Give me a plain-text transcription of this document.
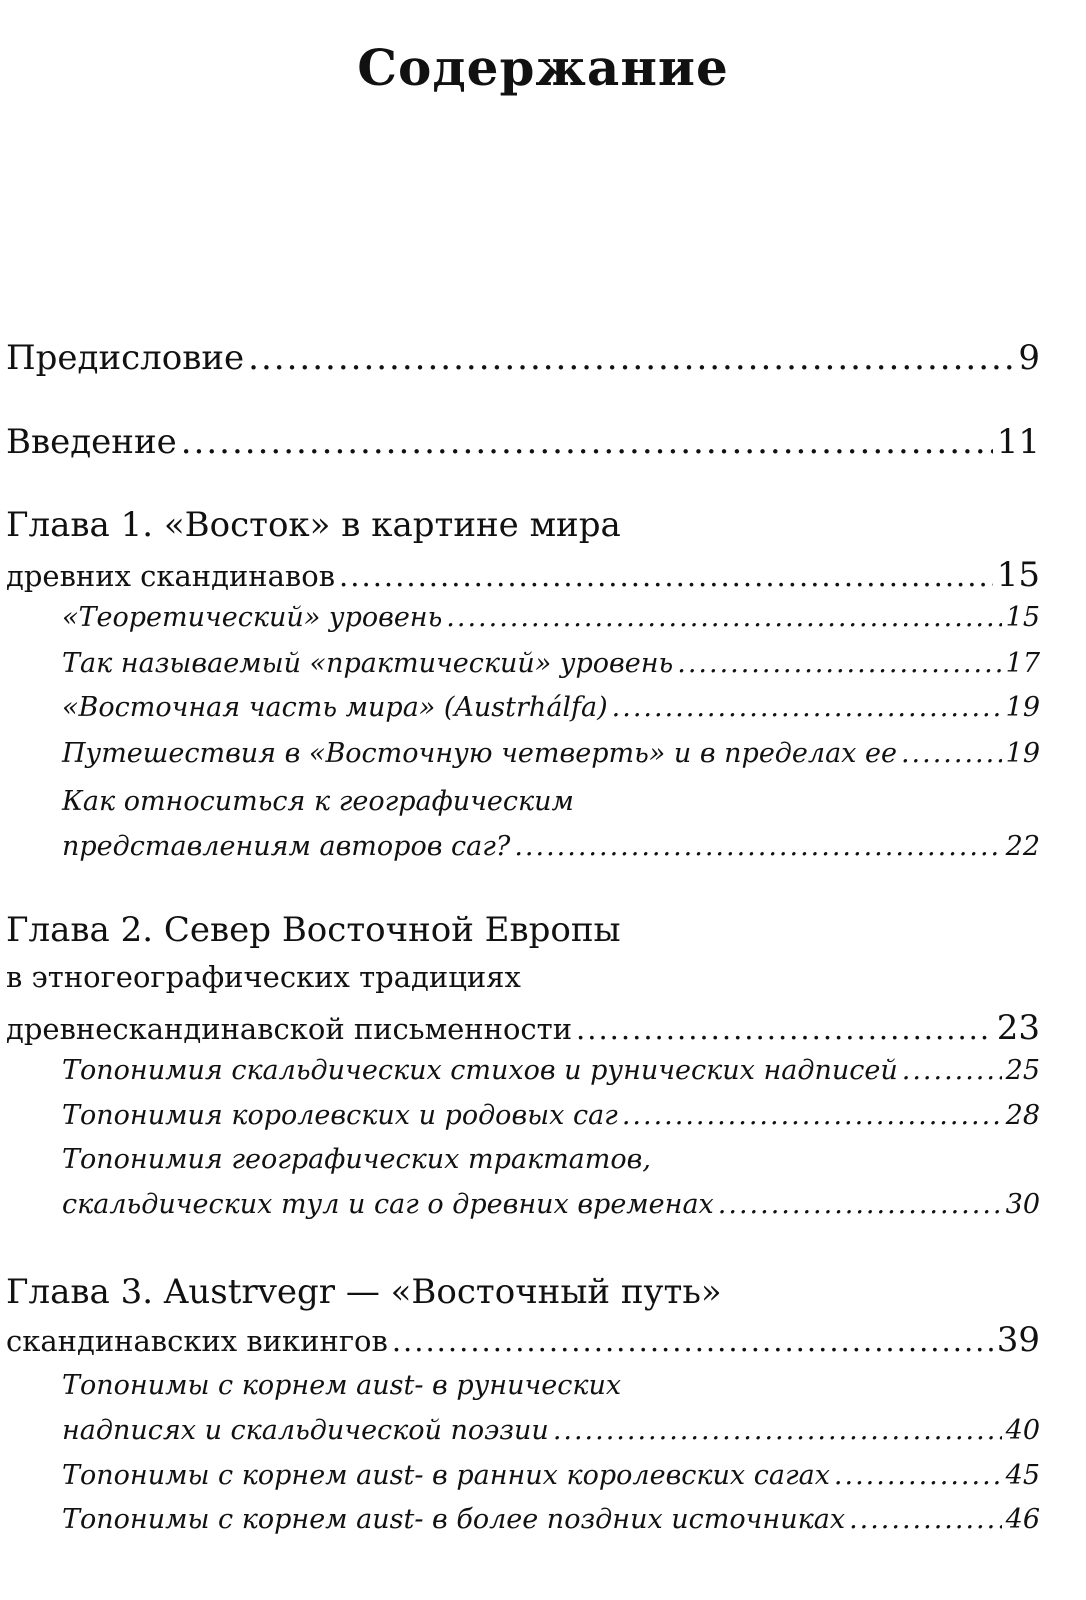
Содержание
Предисловие .....	9
Введение .....	11
Глава 1. «Восток» в картине мира
древних скандинавов .....	15
«Теоретический» уровень .....	15
Так называемый «практический» уровень .....	17
«Восточная часть мира» (Austrhálfa) .....	19
Путешествия в «Восточную четверть» и в пределах ее .....	19
Как относиться к географическим
представлениям авторов саг? .....	22
Глава 2. Север Восточной Европы
в этногеографических традициях
древнескандинавской письменности .....	23
Топонимия скальдических стихов и рунических надписей .....	25
Топонимия королевских и родовых саг .....	28
Топонимия географических трактатов,
скальдических тул и саг о древних временах .....	30
Глава 3. Austrvegr — «Восточный путь»
скандинавских викингов .....	39
Топонимы с корнем aust- в рунических
надписях и скальдической поэзии .....	40
Топонимы с корнем aust- в ранних королевских сагах .....	45
Топонимы с корнем aust- в более поздних источниках .....	46
